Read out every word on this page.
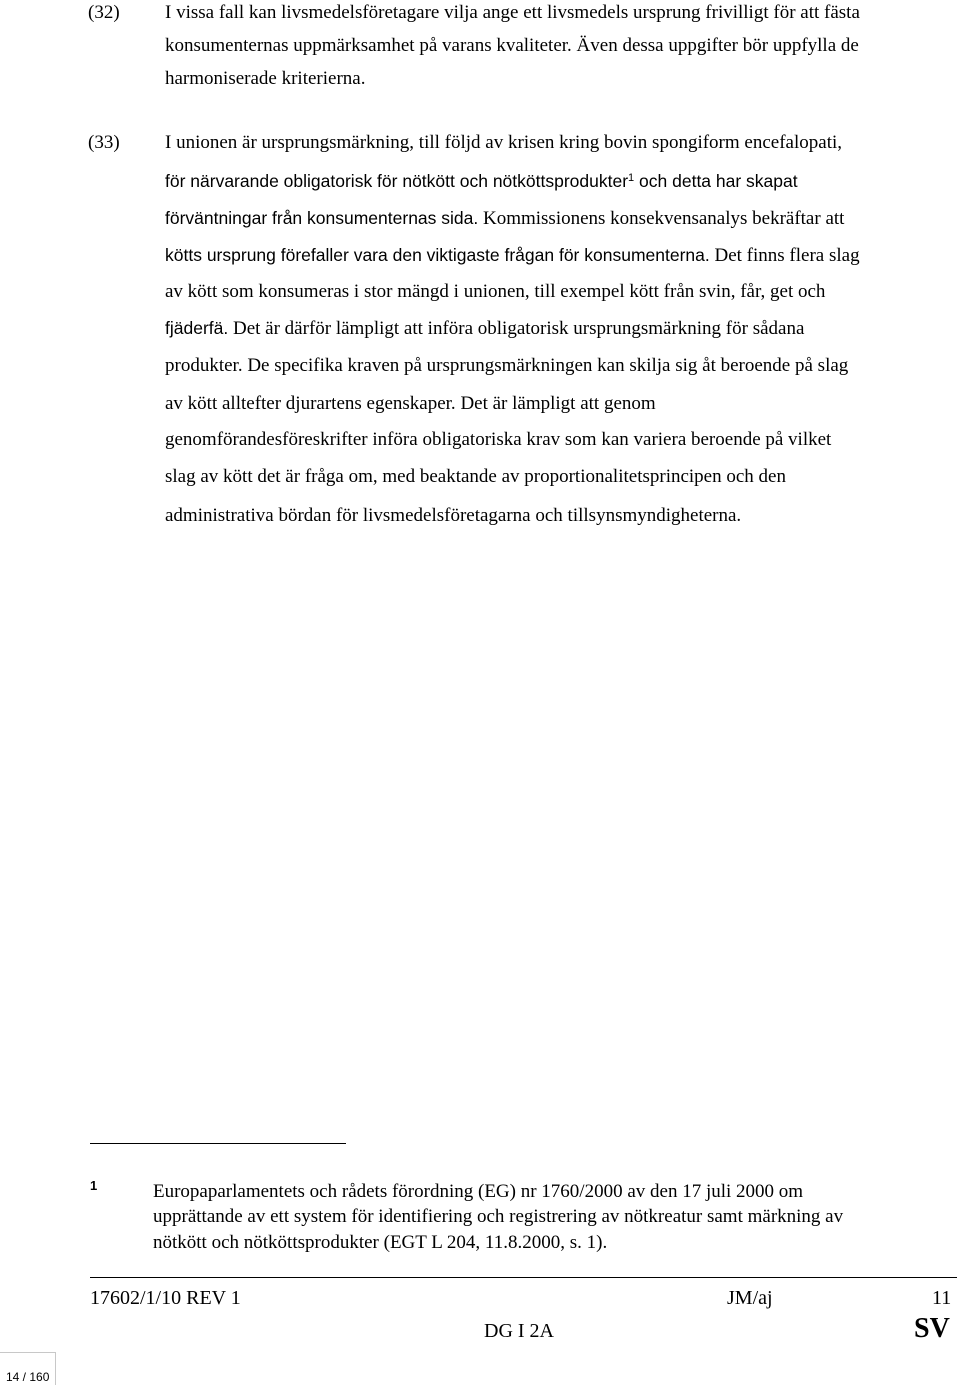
(32) I vissa fall kan livsmedelsföretagare vilja ange ett livsmedels ursprung frivilligt för att fästa
konsumenternas uppmärksamhet på varans kvaliteter. Även dessa uppgifter bör uppfylla de
harmoniserade kriterierna.
(33) I unionen är ursprungsmärkning, till följd av krisen kring bovin spongiform encefalopati,
för närvarande obligatorisk för nötkött och nötköttsprodukter$^1$ och detta har skapat
förväntningar från konsumenternas sida. Kommissionens konsekvensanalys bekräftar att
kötts ursprung förefaller vara den viktigaste frågan för konsumenterna. Det finns flera slag
av kött som konsumeras i stor mängd i unionen, till exempel kött från svin, får, get och
fjäderfä. Det är därför lämpligt att införa obligatorisk ursprungsmärkning för sådana
produkter. De specifika kraven på ursprungsmärkningen kan skilja sig åt beroende på slag
av kött alltefter djurartens egenskaper. Det är lämpligt att genom
genomförandesföreskrifter införa obligatoriska krav som kan variera beroende på vilket
slag av kött det är fråga om, med beaktande av proportionalitetsprincipen och den
administrativa bördan för livsmedelsföretagarna och tillsynsmyndigheterna.
1	Europaparlamentets och rådets förordning (EG) nr 1760/2000 av den 17 juli 2000 om
upprättande av ett system för identifiering och registrering av nötkreatur samt märkning av
nötkött och nötköttsprodukter (EGT L 204, 11.8.2000, s. 1).
17602/1/10 REV 1	JM/aj	11
DG I 2A	SV
14 / 160
